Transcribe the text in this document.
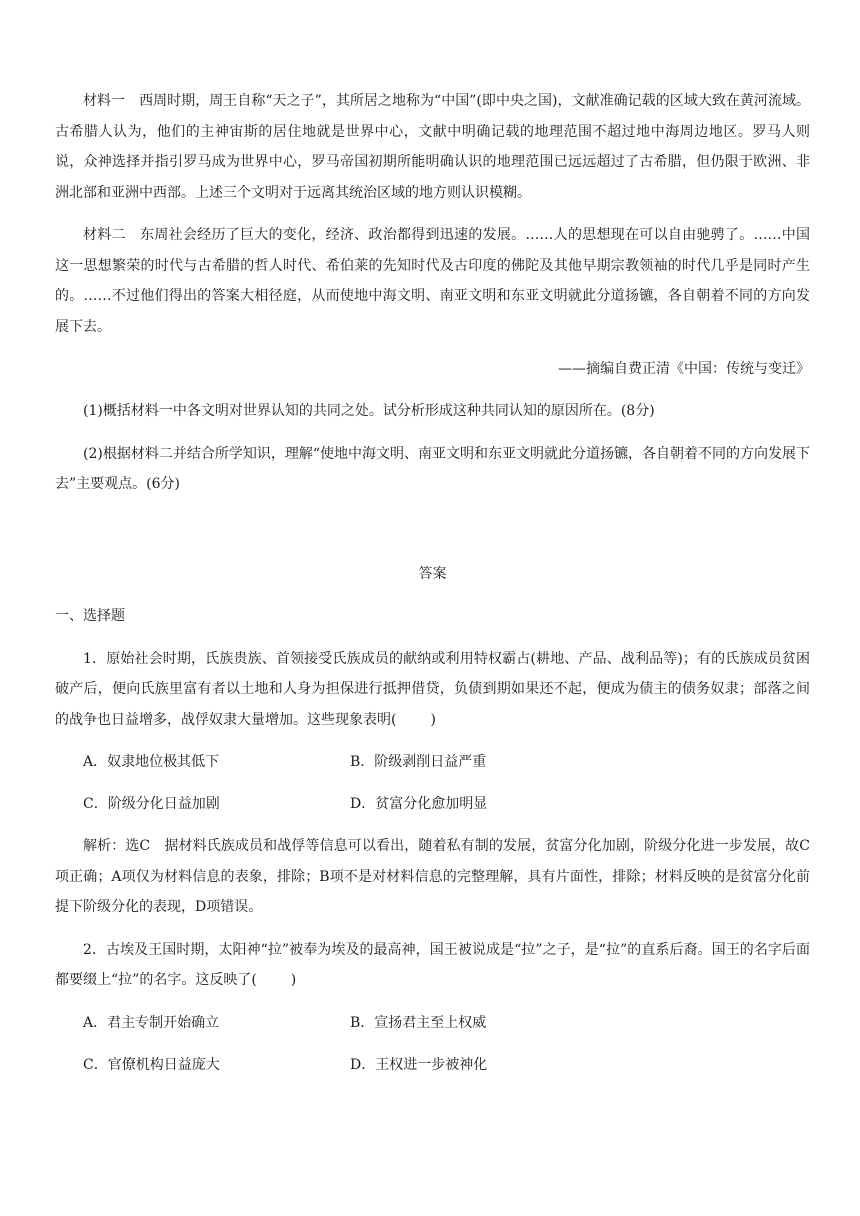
材料一　 西周时期，周王自称“天之子”，其所居之地称为“中国”(即中央之国)，文献准确记载的区域大致在黄河流域。古希腊人认为，他们的主神宙斯的居住地就是世界中心，文献中明确记载的地理范围不超过地中海周边地区。罗马人则说，众神选择并指引罗马成为世界中心，罗马帝国初期所能明确认识的地理范围已远远超过了古希腊，但仍限于欧洲、非洲北部和亚洲中西部。上述三个文明对于远离其统治区域的地方则认识模糊。

材料二　 东周社会经历了巨大的变化，经济、政治都得到迅速的发展。……人的思想现在可以自由驰骋了。……中国这一思想繁荣的时代与古希腊的哲人时代、希伯莱的先知时代及古印度的佛陀及其他早期宗教领袖的时代几乎是同时产生的。……不过他们得出的答案大相径庭，从而使地中海文明、南亚文明和东亚文明就此分道扬镳，各自朝着不同的方向发展下去。

——摘编自费正清《中国：传统与变迁》

(1)概括材料一中各文明对世界认知的共同之处。试分析形成这种共同认知的原因所在。(8分)

(2)根据材料二并结合所学知识，理解“使地中海文明、南亚文明和东亚文明就此分道扬镳，各自朝着不同的方向发展下去”主要观点。(6分)

答案
一、选择题

1．原始社会时期，氏族贵族、首领接受氏族成员的献纳或利用特权霸占(耕地、产品、战利品等)；有的氏族成员贫困破产后，便向氏族里富有者以土地和人身为担保进行抵押借贷，负债到期如果还不起，便成为债主的债务奴隶；部落之间的战争也日益增多，战俘奴隶大量增加。这些现象表明( )

A．奴隶地位极其低下	B．阶级剥削日益严重
C．阶级分化日益加剧	D．贫富分化愈加明显

解析：选C　据材料氏族成员和战俘等信息可以看出，随着私有制的发展，贫富分化加剧，阶级分化进一步发展，故C项正确；A项仅为材料信息的表象，排除；B项不是对材料信息的完整理解，具有片面性，排除；材料反映的是贫富分化前提下阶级分化的表现，D项错误。

2．古埃及王国时期，太阳神“拉”被奉为埃及的最高神，国王被说成是“拉”之子，是“拉”的直系后裔。国王的名字后面都要缀上“拉”的名字。这反映了( )

A．君主专制开始确立	B．宣扬君主至上权威
C．官僚机构日益庞大	D．王权进一步被神化
